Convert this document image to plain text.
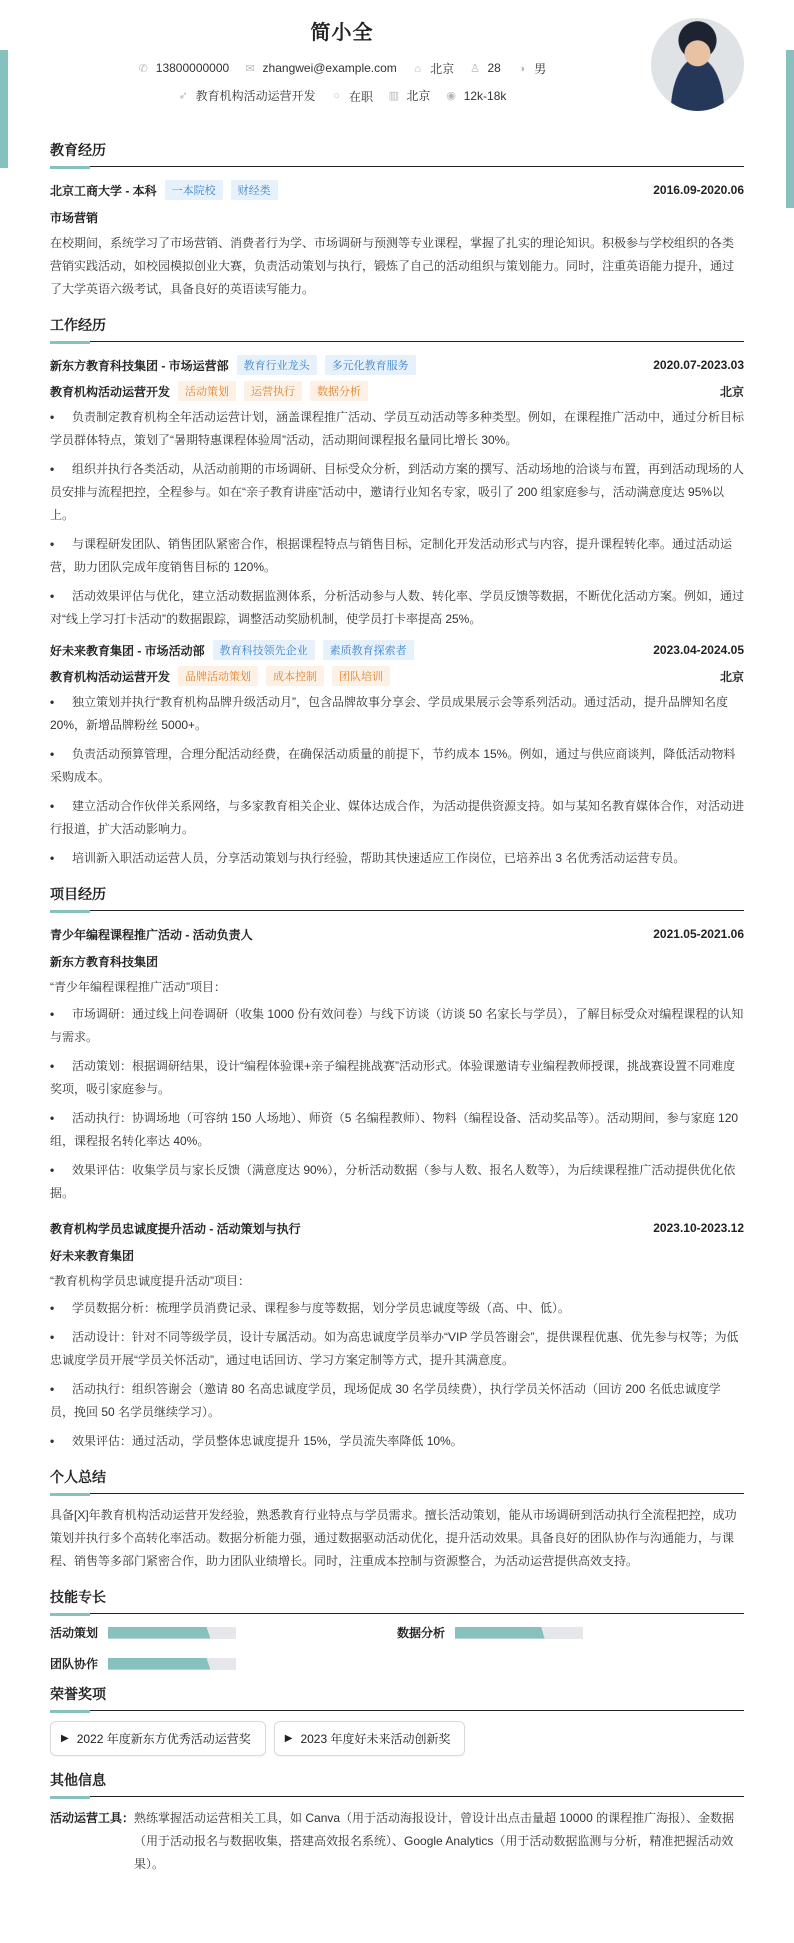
简小全
✆ 13800000000
✉ zhangwei@example.com
⌂ 北京
♙ 28
◑ 男
➶ 教育机构活动运营开发
○ 在职
▥ 北京
◉ 12k-18k
教育经历
北京工商大学 - 本科	一本院校	财经类	2016.09-2020.06
市场营销
在校期间，系统学习了市场营销、消费者行为学、市场调研与预测等专业课程，掌握了扎实的理论知识。积极参与学校组织的各类营销实践活动，如校园模拟创业大赛，负责活动策划与执行，锻炼了自己的活动组织与策划能力。同时，注重英语能力提升，通过了大学英语六级考试，具备良好的英语读写能力。
工作经历
新东方教育科技集团 - 市场运营部	教育行业龙头	多元化教育服务	2020.07-2023.03
教育机构活动运营开发	活动策划	运营执行	数据分析	北京
• 负责制定教育机构全年活动运营计划，涵盖课程推广活动、学员互动活动等多种类型。例如，在课程推广活动中，通过分析目标学员群体特点，策划了“暑期特惠课程体验周”活动，活动期间课程报名量同比增长 30%。
• 组织并执行各类活动，从活动前期的市场调研、目标受众分析，到活动方案的撰写、活动场地的洽谈与布置，再到活动现场的人员安排与流程把控，全程参与。如在“亲子教育讲座”活动中，邀请行业知名专家，吸引了 200 组家庭参与，活动满意度达 95%以上。
• 与课程研发团队、销售团队紧密合作，根据课程特点与销售目标，定制化开发活动形式与内容，提升课程转化率。通过活动运营，助力团队完成年度销售目标的 120%。
• 活动效果评估与优化，建立活动数据监测体系，分析活动参与人数、转化率、学员反馈等数据，不断优化活动方案。例如，通过对“线上学习打卡活动”的数据跟踪，调整活动奖励机制，使学员打卡率提高 25%。
好未来教育集团 - 市场活动部	教育科技领先企业	素质教育探索者	2023.04-2024.05
教育机构活动运营开发	品牌活动策划	成本控制	团队培训	北京
• 独立策划并执行“教育机构品牌升级活动月”，包含品牌故事分享会、学员成果展示会等系列活动。通过活动，提升品牌知名度 20%，新增品牌粉丝 5000+。
• 负责活动预算管理，合理分配活动经费，在确保活动质量的前提下，节约成本 15%。例如，通过与供应商谈判，降低活动物料采购成本。
• 建立活动合作伙伴关系网络，与多家教育相关企业、媒体达成合作，为活动提供资源支持。如与某知名教育媒体合作，对活动进行报道，扩大活动影响力。
• 培训新入职活动运营人员，分享活动策划与执行经验，帮助其快速适应工作岗位，已培养出 3 名优秀活动运营专员。
项目经历
青少年编程课程推广活动 - 活动负责人	2021.05-2021.06
新东方教育科技集团
“青少年编程课程推广活动”项目：
• 市场调研：通过线上问卷调研（收集 1000 份有效问卷）与线下访谈（访谈 50 名家长与学员），了解目标受众对编程课程的认知与需求。
• 活动策划：根据调研结果，设计“编程体验课+亲子编程挑战赛”活动形式。体验课邀请专业编程教师授课，挑战赛设置不同难度奖项，吸引家庭参与。
• 活动执行：协调场地（可容纳 150 人场地）、师资（5 名编程教师）、物料（编程设备、活动奖品等）。活动期间，参与家庭 120 组，课程报名转化率达 40%。
• 效果评估：收集学员与家长反馈（满意度达 90%），分析活动数据（参与人数、报名人数等），为后续课程推广活动提供优化依据。
教育机构学员忠诚度提升活动 - 活动策划与执行	2023.10-2023.12
好未来教育集团
“教育机构学员忠诚度提升活动”项目：
• 学员数据分析：梳理学员消费记录、课程参与度等数据，划分学员忠诚度等级（高、中、低）。
• 活动设计：针对不同等级学员，设计专属活动。如为高忠诚度学员举办“VIP 学员答谢会”，提供课程优惠、优先参与权等；为低忠诚度学员开展“学员关怀活动”，通过电话回访、学习方案定制等方式，提升其满意度。
• 活动执行：组织答谢会（邀请 80 名高忠诚度学员，现场促成 30 名学员续费），执行学员关怀活动（回访 200 名低忠诚度学员，挽回 50 名学员继续学习）。
• 效果评估：通过活动，学员整体忠诚度提升 15%，学员流失率降低 10%。
个人总结
具备[X]年教育机构活动运营开发经验，熟悉教育行业特点与学员需求。擅长活动策划，能从市场调研到活动执行全流程把控，成功策划并执行多个高转化率活动。数据分析能力强，通过数据驱动活动优化，提升活动效果。具备良好的团队协作与沟通能力，与课程、销售等多部门紧密合作，助力团队业绩增长。同时，注重成本控制与资源整合，为活动运营提供高效支持。
技能专长
活动策划	数据分析
团队协作
荣誉奖项
▶ 2022 年度新东方优秀活动运营奖	▶ 2023 年度好未来活动创新奖
其他信息
活动运营工具： 熟练掌握活动运营相关工具，如 Canva（用于活动海报设计，曾设计出点击量超 10000 的课程推广海报）、金数据（用于活动报名与数据收集，搭建高效报名系统）、Google Analytics（用于活动数据监测与分析，精准把握活动效果）。
